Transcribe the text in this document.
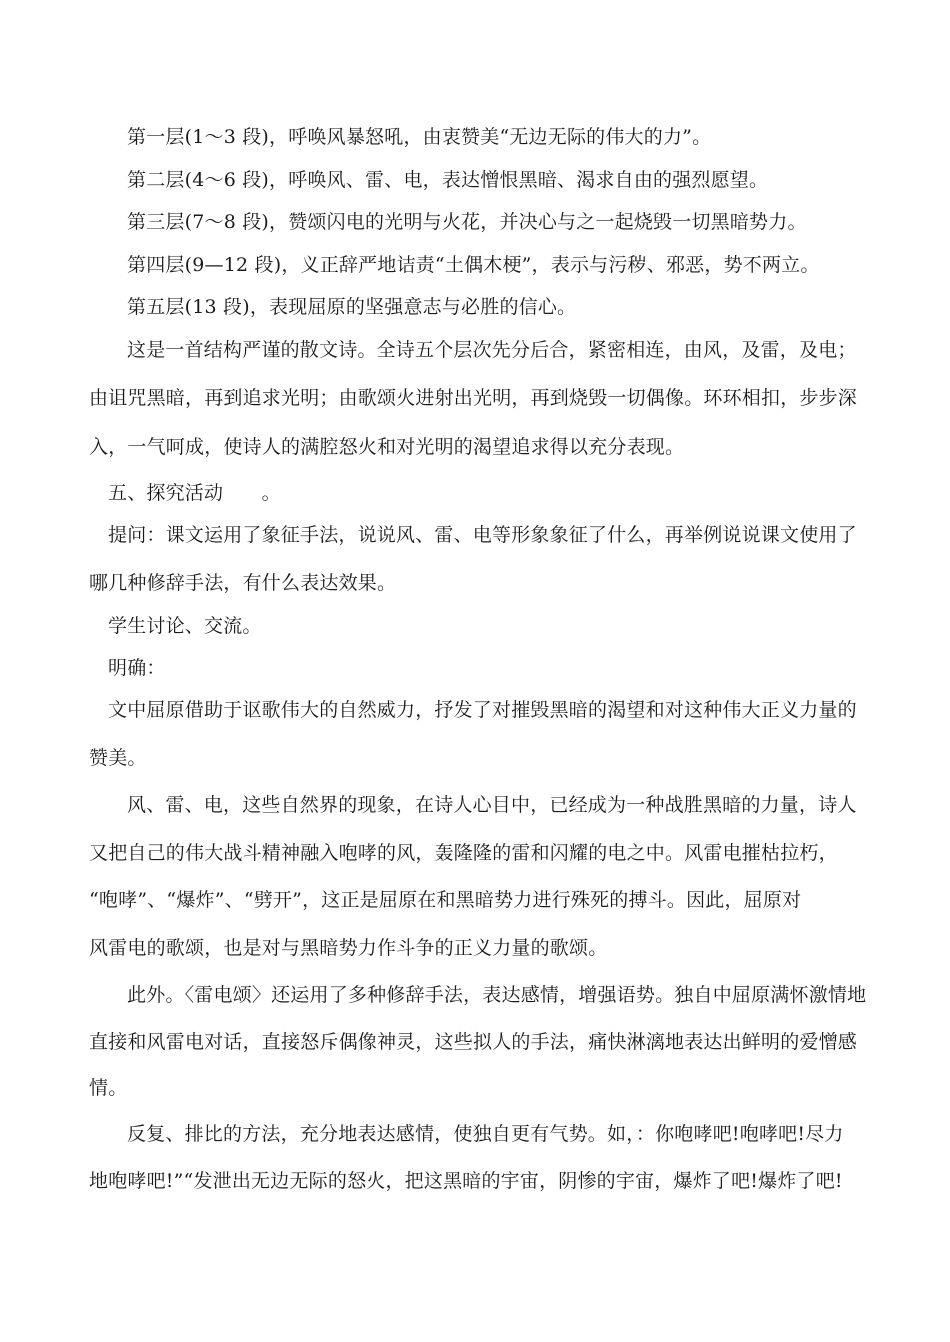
第一层(1～3 段)，呼唤风暴怒吼，由衷赞美“无边无际的伟大的力”。
第二层(4～6 段)，呼唤风、雷、电，表达憎恨黑暗、渴求自由的强烈愿望。
第三层(7～8 段)，赞颂闪电的光明与火花，并决心与之一起烧毁一切黑暗势力。
第四层(9—12 段)，义正辞严地诘责“土偶木梗”，表示与污秽、邪恶，势不两立。
第五层(13 段)，表现屈原的坚强意志与必胜的信心。
这是一首结构严谨的散文诗。全诗五个层次先分后合，紧密相连，由风，及雷，及电；
由诅咒黑暗，再到追求光明；由歌颂火进射出光明，再到烧毁一切偶像。环环相扣，步步深
入，一气呵成，使诗人的满腔怒火和对光明的渴望追求得以充分表现。
五、探究活动　　。
提问：课文运用了象征手法，说说风、雷、电等形象象征了什么，再举例说说课文使用了
哪几种修辞手法，有什么表达效果。
学生讨论、交流。
明确：
文中屈原借助于讴歌伟大的自然威力，抒发了对摧毁黑暗的渴望和对这种伟大正义力量的
赞美。
风、雷、电，这些自然界的现象，在诗人心目中，已经成为一种战胜黑暗的力量，诗人
又把自己的伟大战斗精神融入咆哮的风，轰隆隆的雷和闪耀的电之中。风雷电摧枯拉朽，
“咆哮”、“爆炸”、“劈开”，这正是屈原在和黑暗势力进行殊死的搏斗。因此，屈原对
风雷电的歌颂，也是对与黑暗势力作斗争的正义力量的歌颂。
此外。〈雷电颂〉还运用了多种修辞手法，表达感情，增强语势。独自中屈原满怀激情地
直接和风雷电对话，直接怒斥偶像神灵，这些拟人的手法，痛快淋漓地表达出鲜明的爱憎感
情。
反复、排比的方法，充分地表达感情，使独自更有气势。如，：你咆哮吧!咆哮吧!尽力
地咆哮吧!”“发泄出无边无际的怒火，把这黑暗的宇宙，阴惨的宇宙，爆炸了吧!爆炸了吧!
